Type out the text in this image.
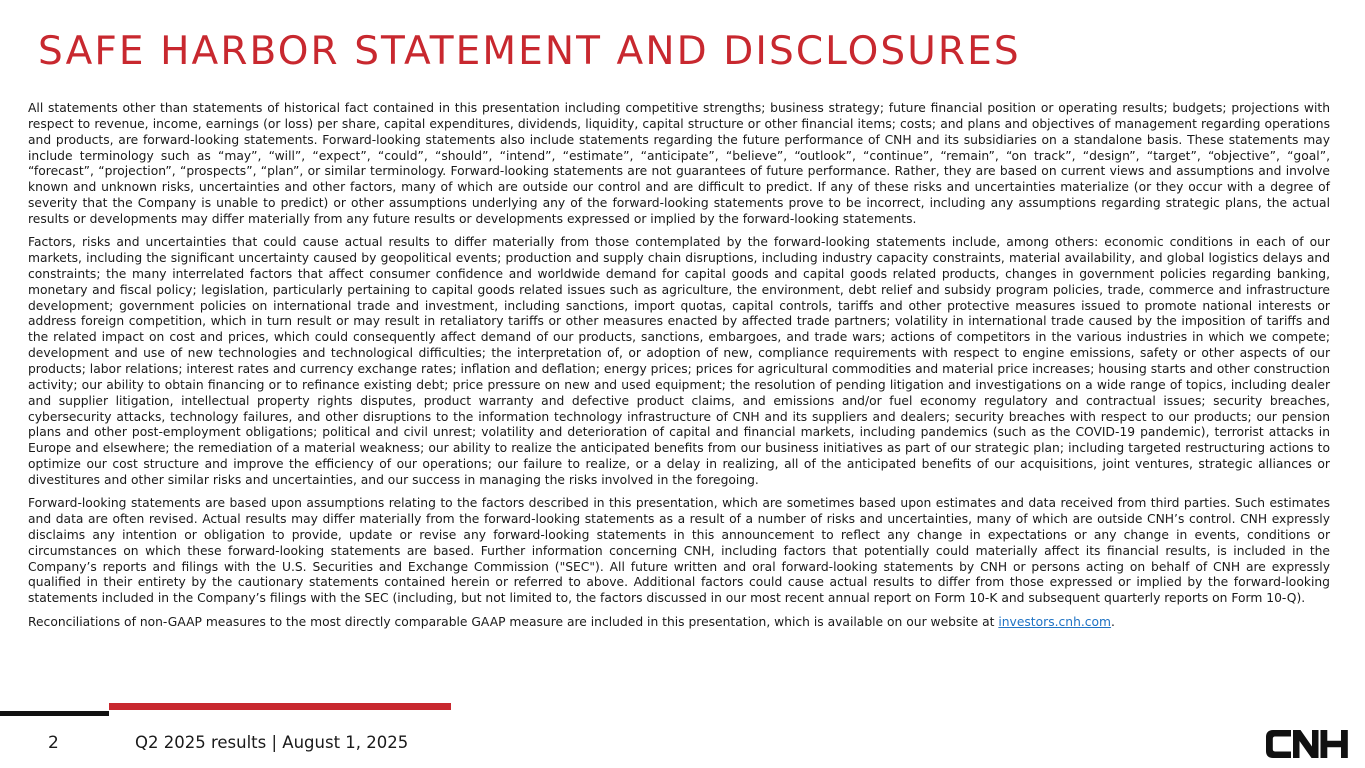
SAFE HARBOR STATEMENT AND DISCLOSURES

All statements other than statements of historical fact contained in this presentation including competitive strengths; business strategy; future financial position or operating results; budgets; projections with respect to revenue, income, earnings (or loss) per share, capital expenditures, dividends, liquidity, capital structure or other financial items; costs; and plans and objectives of management regarding operations and products, are forward-looking statements. Forward-looking statements also include statements regarding the future performance of CNH and its subsidiaries on a standalone basis. These statements may include terminology such as “may”, “will”, “expect”, “could”, “should”, “intend”, “estimate”, “anticipate”, “believe”, “outlook”, “continue”, “remain”, “on track”, “design”, “target”, “objective”, “goal”, “forecast”, “projection”, “prospects”, “plan”, or similar terminology. Forward-looking statements are not guarantees of future performance. Rather, they are based on current views and assumptions and involve known and unknown risks, uncertainties and other factors, many of which are outside our control and are difficult to predict. If any of these risks and uncertainties materialize (or they occur with a degree of severity that the Company is unable to predict) or other assumptions underlying any of the forward-looking statements prove to be incorrect, including any assumptions regarding strategic plans, the actual results or developments may differ materially from any future results or developments expressed or implied by the forward-looking statements.

Factors, risks and uncertainties that could cause actual results to differ materially from those contemplated by the forward-looking statements include, among others: economic conditions in each of our markets, including the significant uncertainty caused by geopolitical events; production and supply chain disruptions, including industry capacity constraints, material availability, and global logistics delays and constraints; the many interrelated factors that affect consumer confidence and worldwide demand for capital goods and capital goods related products, changes in government policies regarding banking, monetary and fiscal policy; legislation, particularly pertaining to capital goods related issues such as agriculture, the environment, debt relief and subsidy program policies, trade, commerce and infrastructure development; government policies on international trade and investment, including sanctions, import quotas, capital controls, tariffs and other protective measures issued to promote national interests or address foreign competition, which in turn result or may result in retaliatory tariffs or other measures enacted by affected trade partners; volatility in international trade caused by the imposition of tariffs and the related impact on cost and prices, which could consequently affect demand of our products, sanctions, embargoes, and trade wars; actions of competitors in the various industries in which we compete; development and use of new technologies and technological difficulties; the interpretation of, or adoption of new, compliance requirements with respect to engine emissions, safety or other aspects of our products; labor relations; interest rates and currency exchange rates; inflation and deflation; energy prices; prices for agricultural commodities and material price increases; housing starts and other construction activity; our ability to obtain financing or to refinance existing debt; price pressure on new and used equipment; the resolution of pending litigation and investigations on a wide range of topics, including dealer and supplier litigation, intellectual property rights disputes, product warranty and defective product claims, and emissions and/or fuel economy regulatory and contractual issues; security breaches, cybersecurity attacks, technology failures, and other disruptions to the information technology infrastructure of CNH and its suppliers and dealers; security breaches with respect to our products; our pension plans and other post-employment obligations; political and civil unrest; volatility and deterioration of capital and financial markets, including pandemics (such as the COVID-19 pandemic), terrorist attacks in Europe and elsewhere; the remediation of a material weakness; our ability to realize the anticipated benefits from our business initiatives as part of our strategic plan; including targeted restructuring actions to optimize our cost structure and improve the efficiency of our operations; our failure to realize, or a delay in realizing, all of the anticipated benefits of our acquisitions, joint ventures, strategic alliances or divestitures and other similar risks and uncertainties, and our success in managing the risks involved in the foregoing.

Forward-looking statements are based upon assumptions relating to the factors described in this presentation, which are sometimes based upon estimates and data received from third parties. Such estimates and data are often revised. Actual results may differ materially from the forward-looking statements as a result of a number of risks and uncertainties, many of which are outside CNH’s control. CNH expressly disclaims any intention or obligation to provide, update or revise any forward-looking statements in this announcement to reflect any change in expectations or any change in events, conditions or circumstances on which these forward-looking statements are based. Further information concerning CNH, including factors that potentially could materially affect its financial results, is included in the Company’s reports and filings with the U.S. Securities and Exchange Commission ("SEC"). All future written and oral forward-looking statements by CNH or persons acting on behalf of CNH are expressly qualified in their entirety by the cautionary statements contained herein or referred to above. Additional factors could cause actual results to differ from those expressed or implied by the forward-looking statements included in the Company’s filings with the SEC (including, but not limited to, the factors discussed in our most recent annual report on Form 10-K and subsequent quarterly reports on Form 10-Q).

Reconciliations of non-GAAP measures to the most directly comparable GAAP measure are included in this presentation, which is available on our website at investors.cnh.com.

2	Q2 2025 results | August 1, 2025
